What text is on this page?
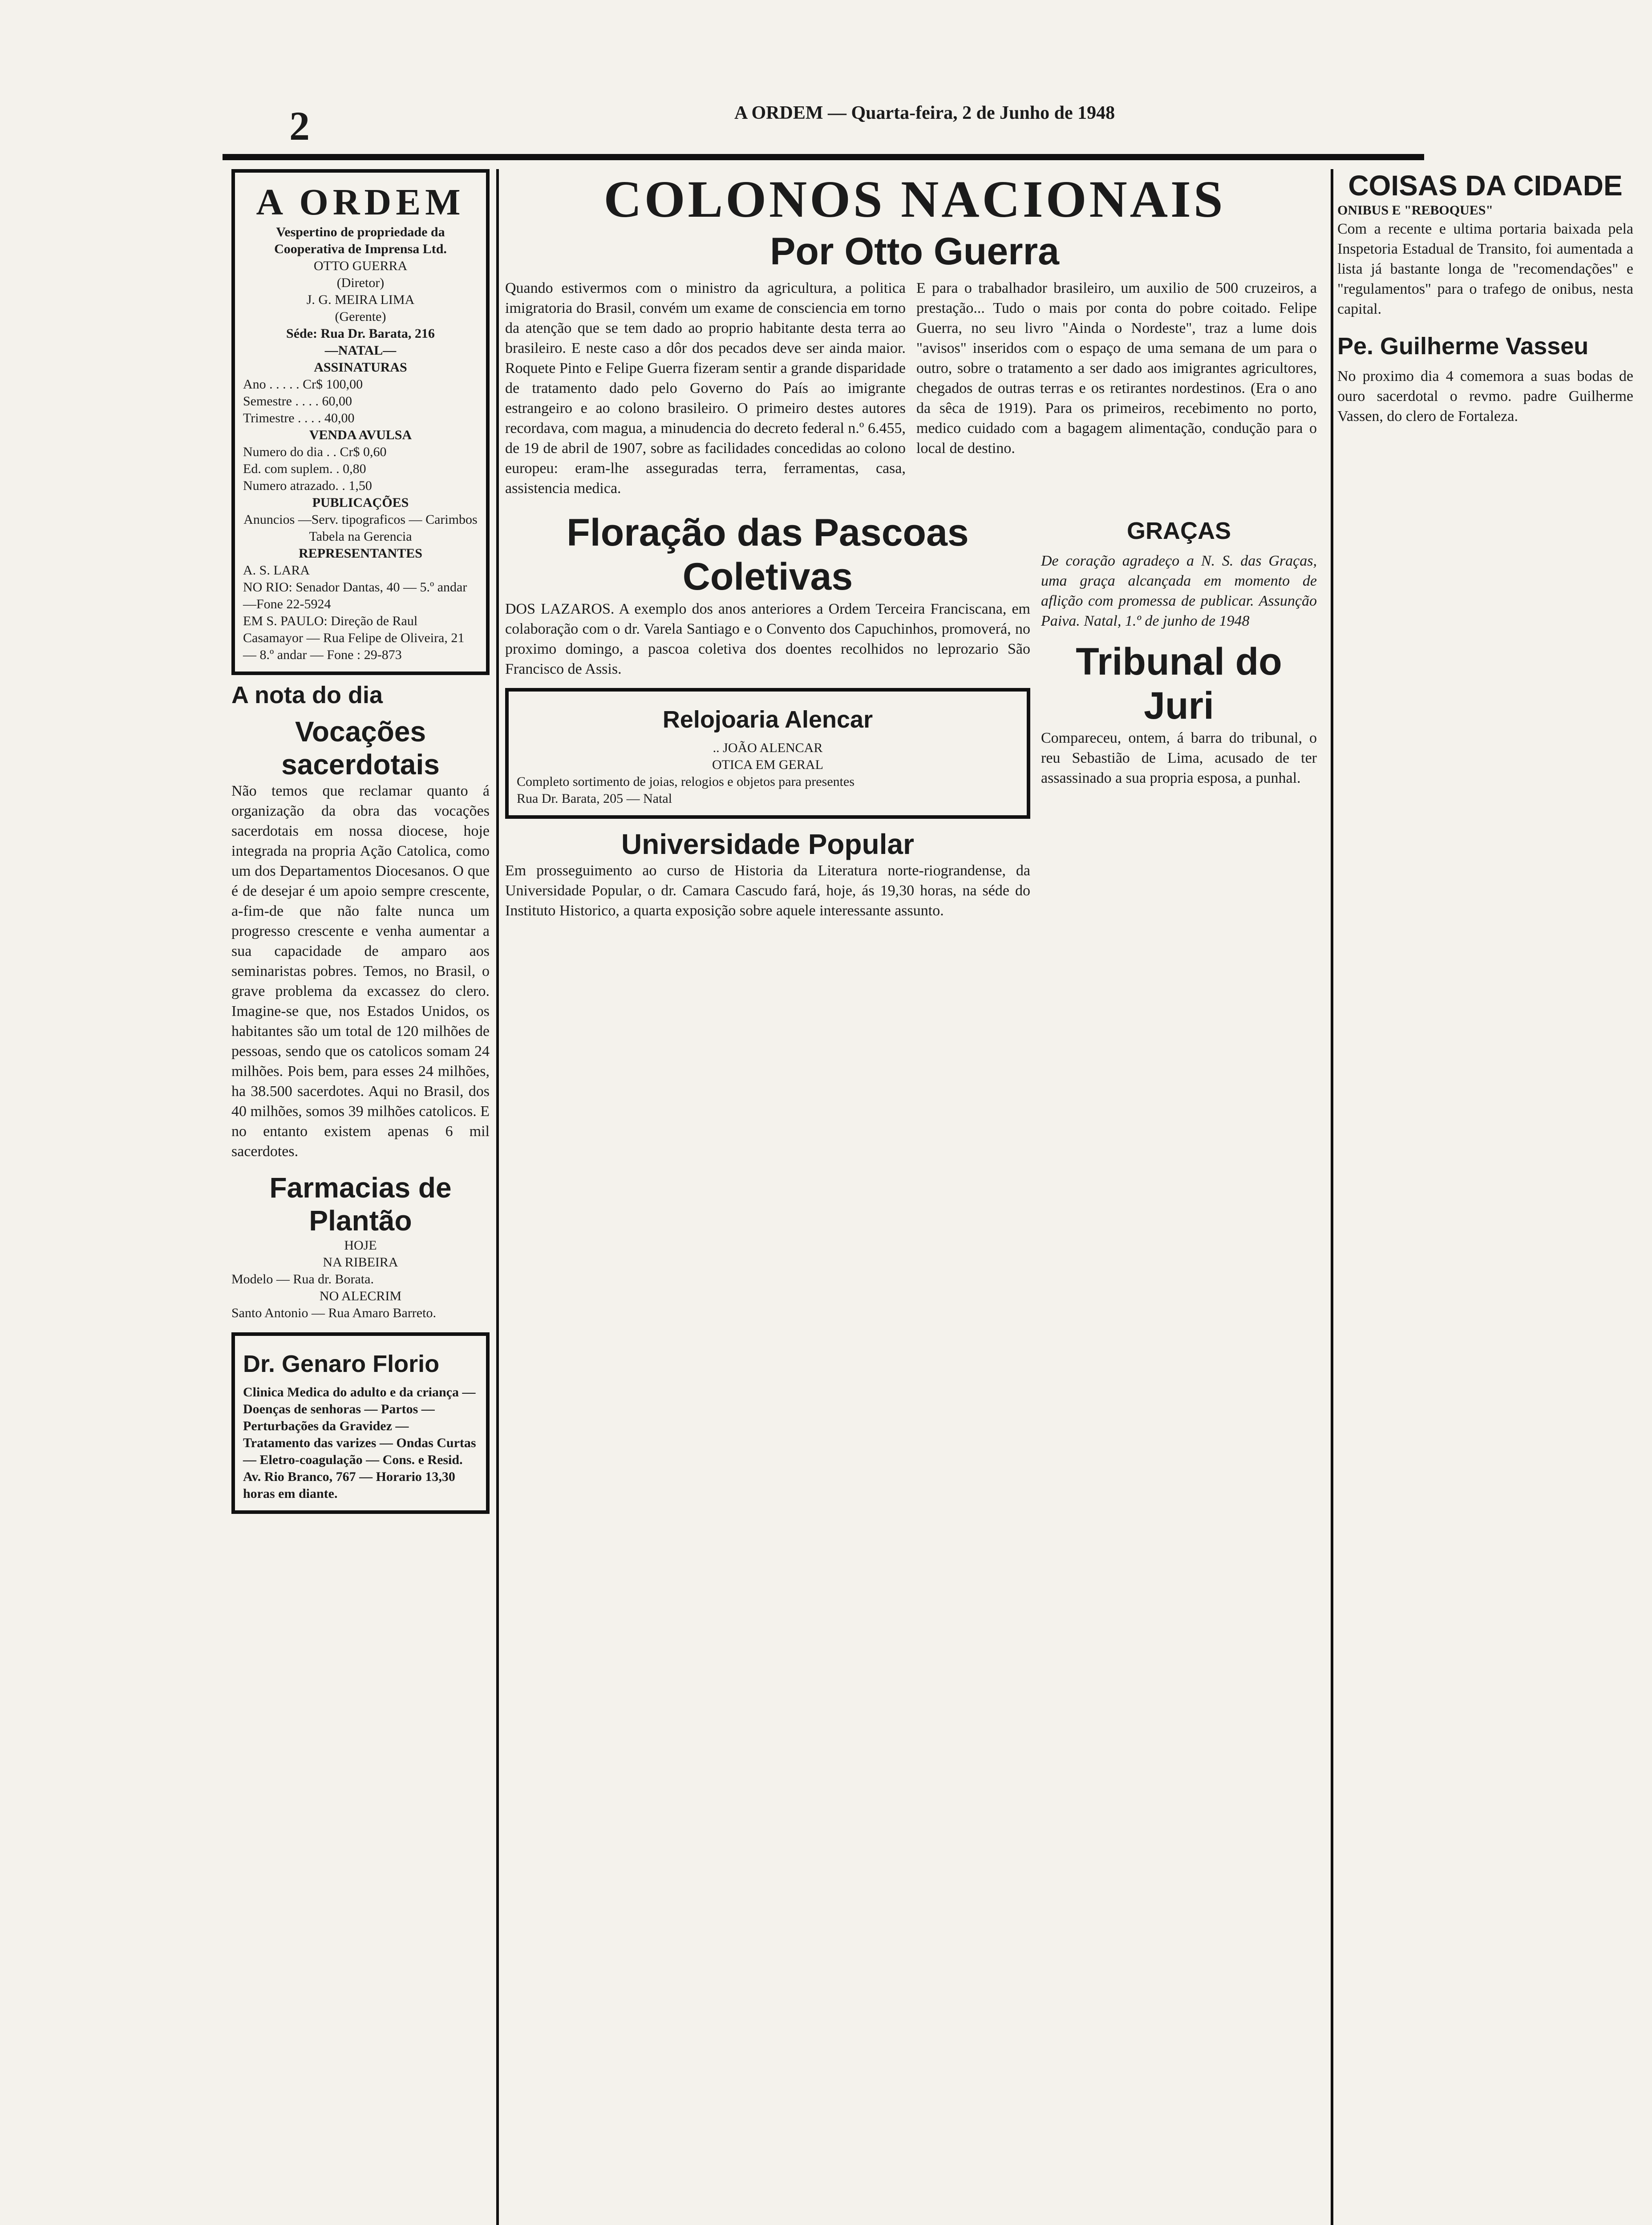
2	A ORDEM — Quarta-feira, 2 de Junho de 1948
A ORDEM
Vespertino de propriedade da Cooperativa de Imprensa Ltd.
OTTO GUERRA
(Diretor)
J. G. MEIRA LIMA
(Gerente)
Séde: Rua Dr. Barata, 216
—NATAL—
ASSINATURAS
Ano . . . . . Cr$ 100,00
Semestre . . . . 60,00
Trimestre . . . . 40,00
VENDA AVULSA
Numero do dia . . Cr$ 0,60
Ed. com suplem. . 0,80
Numero atrazado. . 1,50
PUBLICAÇÕES
Anuncios —Serv. tipograficos — Carimbos
Tabela na Gerencia
REPRESENTANTES
A. S. LARA
NO RIO: Senador Dantas, 40 — 5.º andar—Fone 22-5924
EM S. PAULO: Direção de Raul Casamayor — Rua Felipe de Oliveira, 21 — 8.º andar — Fone : 29-873
A nota do dia
Vocações sacerdotais
Não temos que reclamar quanto á organização da obra das vocações sacerdotais em nossa diocese, hoje integrada na propria Ação Catolica, como um dos Departamentos Diocesanos. O que é de desejar é um apoio sempre crescente, a-fim-de que não falte nunca um progresso crescente e venha aumentar a sua capacidade de amparo aos seminaristas pobres. Temos, no Brasil, o grave problema da excassez do clero. Imagine-se que, nos Estados Unidos, os habitantes são um total de 120 milhões de pessoas, sendo que os catolicos somam 24 milhões. Pois bem, para esses 24 milhões, ha 38.500 sacerdotes. Aqui no Brasil, dos 40 milhões, somos 39 milhões catolicos. E no entanto existem apenas 6 mil sacerdotes.
Farmacias de Plantão
HOJE
NA RIBEIRA
Modelo — Rua dr. Borata.
NO ALECRIM
Santo Antonio — Rua Amaro Barreto.
Dr. Genaro Florio
Clinica Medica do adulto e da criança — Doenças de senhoras — Partos — Perturbações da Gravidez — Tratamento das varizes — Ondas Curtas — Eletro-coagulação — Cons. e Resid. Av. Rio Branco, 767 — Horario 13,30 horas em diante.
COLONOS NACIONAIS
Por Otto Guerra
Quando estivermos com o ministro da agricultura, a politica imigratoria do Brasil, convém um exame de consciencia em torno da atenção que se tem dado ao proprio habitante desta terra ao brasileiro. E neste caso a dôr dos pecados deve ser ainda maior. Roquete Pinto e Felipe Guerra fizeram sentir a grande disparidade de tratamento dado pelo Governo do País ao imigrante estrangeiro e ao colono brasileiro. O primeiro destes autores recordava, com magua, a minudencia do decreto federal n.º 6.455, de 19 de abril de 1907, sobre as facilidades concedidas ao colono europeu: eram-lhe asseguradas terra, ferramentas, casa, assistencia medica.
E para o trabalhador brasileiro, um auxilio de 500 cruzeiros, a prestação... Tudo o mais por conta do pobre coitado. Felipe Guerra, no seu livro "Ainda o Nordeste", traz a lume dois "avisos" inseridos com o espaço de uma semana de um para o outro, sobre o tratamento a ser dado aos imigrantes agricultores, chegados de outras terras e os retirantes nordestinos. (Era o ano da sêca de 1919). Para os primeiros, recebimento no porto, medico cuidado com a bagagem alimentação, condução para o local de destino.
Floração das Pascoas Coletivas
DOS LAZAROS. A exemplo dos anos anteriores a Ordem Terceira Franciscana, em colaboração com o dr. Varela Santiago e o Convento dos Capuchinhos, promoverá, no proximo domingo, a pascoa coletiva dos doentes recolhidos no leprozario São Francisco de Assis.
Relojoaria Alencar
.. JOÃO ALENCAR
OTICA EM GERAL
Completo sortimento de joias, relogios e objetos para presentes
Rua Dr. Barata, 205 — Natal
Universidade Popular
Em prosseguimento ao curso de Historia da Literatura norte-riograndense, da Universidade Popular, o dr. Camara Cascudo fará, hoje, ás 19,30 horas, na séde do Instituto Historico, a quarta exposição sobre aquele interessante assunto.
GRAÇAS
De coração agradeço a N. S. das Graças, uma graça alcançada em momento de aflição com promessa de publicar. Assunção Paiva. Natal, 1.º de junho de 1948
Tribunal do Juri
Compareceu, ontem, á barra do tribunal, o reu Sebastião de Lima, acusado de ter assassinado a sua propria esposa, a punhal.
COISAS DA CIDADE
ONIBUS E "REBOQUES"
Com a recente e ultima portaria baixada pela Inspetoria Estadual de Transito, foi aumentada a lista já bastante longa de "recomendações" e "regulamentos" para o trafego de onibus, nesta capital.
Pe. Guilherme Vasseu
No proximo dia 4 comemora a suas bodas de ouro sacerdotal o revmo. padre Guilherme Vassen, do clero de Fortaleza.
